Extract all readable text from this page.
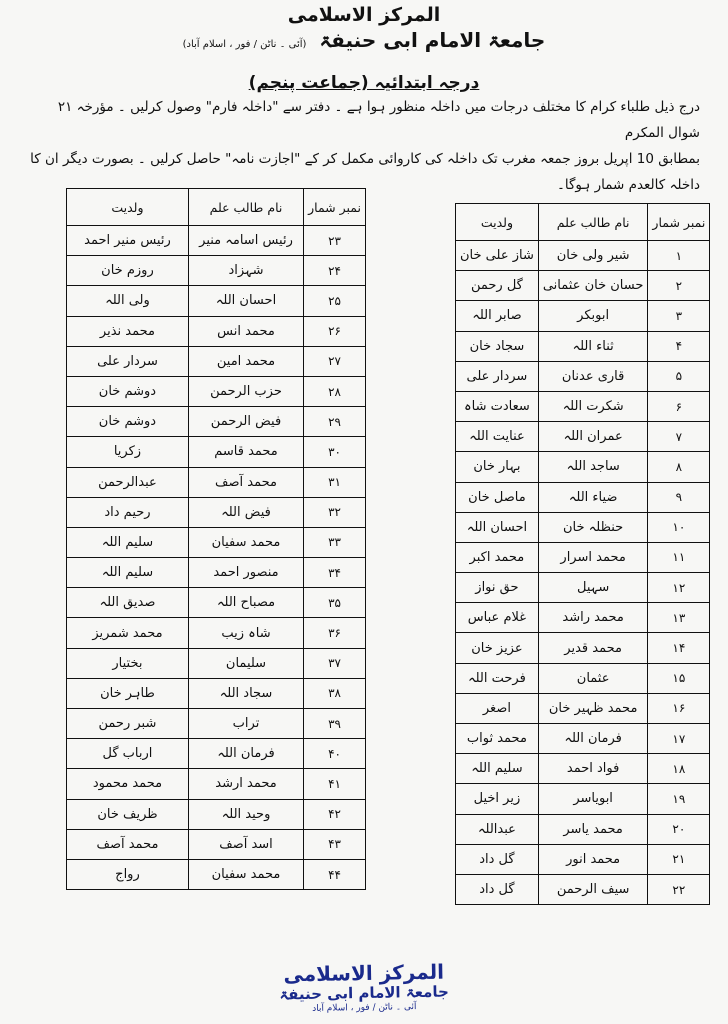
المرکز الاسلامی
جامعۃ الامام ابی حنیفۃ (آئی ۔ ناٹن / فور ، اسلام آباد)
درجہ ابتدائیہ (جماعت پنجم)
درج ذیل طلباء کرام کا مختلف درجات میں داخلہ منظور ہوا ہے ۔ دفتر سے "داخلہ فارم" وصول کرلیں ۔ مؤرخہ ۲۱ شوال المکرم
بمطابق 10 اپریل بروز جمعہ مغرب تک داخلہ کی کاروائی مکمل کر کے "اجازت نامہ" حاصل کرلیں ۔ بصورت دیگر ان کا داخلہ کالعدم شمار ہوگا۔
نمبر شمار	نام طالب علم	ولدیت
۱	شیر ولی خان	شاز علی خان
۲	حسان خان عثمانی	گل رحمن
۳	ابوبکر	صابر اللہ
۴	ثناء اللہ	سجاد خان
۵	قاری عدنان	سردار علی
۶	شکرت اللہ	سعادت شاہ
۷	عمران اللہ	عنایت اللہ
۸	ساجد اللہ	بہار خان
۹	ضیاء اللہ	ماصل خان
۱۰	حنظلہ خان	احسان اللہ
۱۱	محمد اسرار	محمد اکبر
۱۲	سہیل	حق نواز
۱۳	محمد راشد	غلام عباس
۱۴	محمد قدیر	عزیز خان
۱۵	عثمان	فرحت اللہ
۱۶	محمد ظہیر خان	اصغر
۱۷	فرمان اللہ	محمد ثواب
۱۸	فواد احمد	سلیم اللہ
۱۹	ابویاسر	زیر اخیل
۲۰	محمد یاسر	عبداللہ
۲۱	محمد انور	گل داد
۲۲	سیف الرحمن	گل داد
نمبر شمار	نام طالب علم	ولدیت
۲۳	رئیس اسامہ منیر	رئیس منیر احمد
۲۴	شہزاد	روزم خان
۲۵	احسان اللہ	ولی اللہ
۲۶	محمد انس	محمد نذیر
۲۷	محمد امین	سردار علی
۲۸	حزب الرحمن	دوشم خان
۲۹	فیض الرحمن	دوشم خان
۳۰	محمد قاسم	زکریا
۳۱	محمد آصف	عبدالرحمن
۳۲	فیض اللہ	رحیم داد
۳۳	محمد سفیان	سلیم اللہ
۳۴	منصور احمد	سلیم اللہ
۳۵	مصباح اللہ	صدیق اللہ
۳۶	شاہ زیب	محمد شمریز
۳۷	سلیمان	بختیار
۳۸	سجاد اللہ	طاہر خان
۳۹	تراب	شبر رحمن
۴۰	فرمان اللہ	ارباب گل
۴۱	محمد ارشد	محمد محمود
۴۲	وحید اللہ	ظریف خان
۴۳	اسد آصف	محمد آصف
۴۴	محمد سفیان	رواج
المرکز الاسلامی
جامعۃ الامام ابی حنیفۃ
آئی ۔ ناٹن / فور ، اسلام آباد
